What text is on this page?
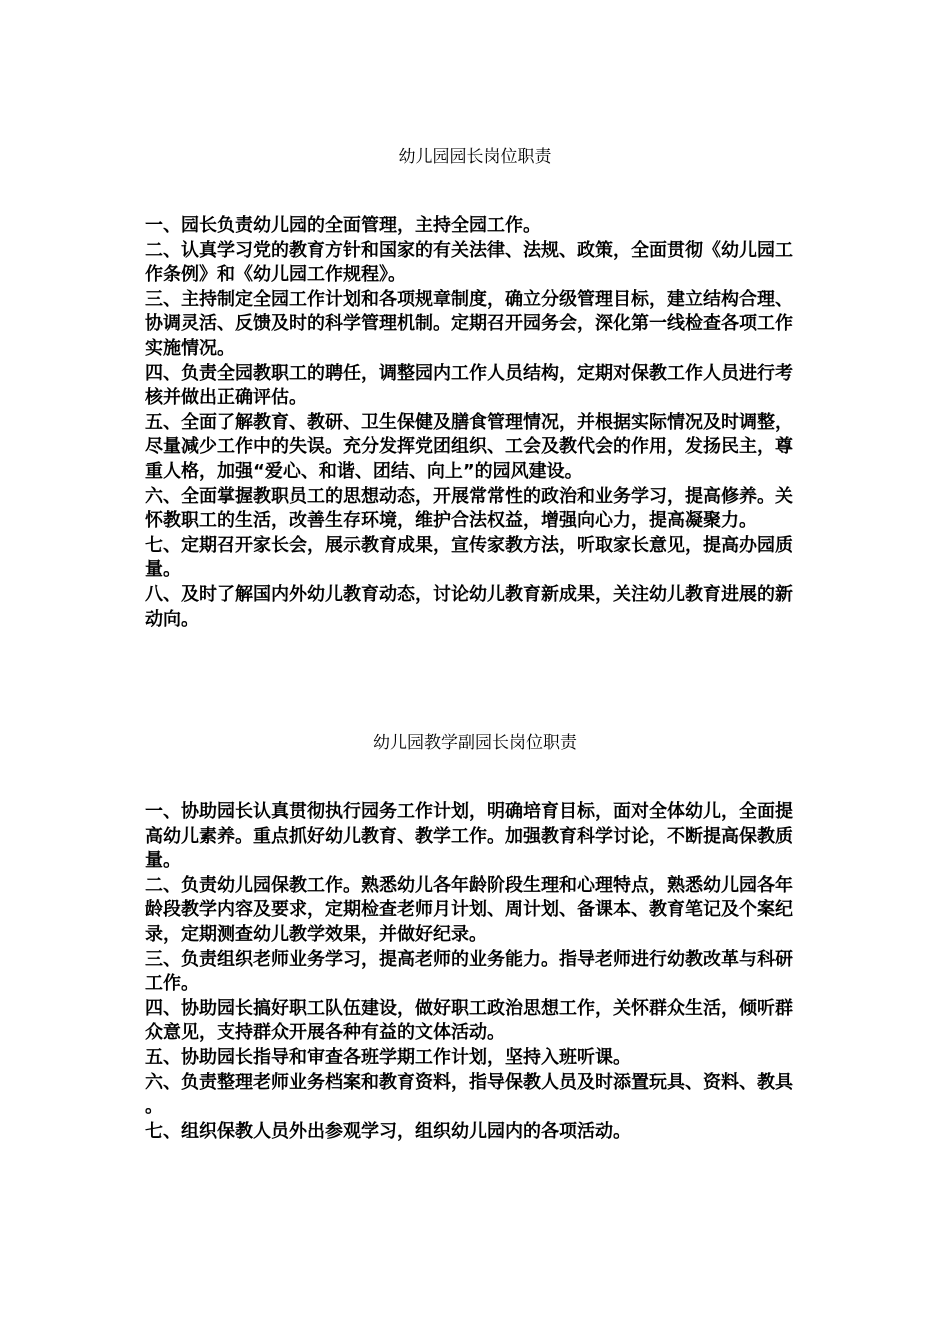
幼儿园园长岗位职责

一、园长负责幼儿园的全面管理，主持全园工作。

二、认真学习党的教育方针和国家的有关法律、法规、政策，全面贯彻《幼儿园工作条例》和《幼儿园工作规程》。

三、主持制定全园工作计划和各项规章制度，确立分级管理目标，建立结构合理、协调灵活、反馈及时的科学管理机制。定期召开园务会，深化第一线检查各项工作实施情况。

四、负责全园教职工的聘任，调整园内工作人员结构，定期对保教工作人员进行考核并做出正确评估。

五、全面了解教育、教研、卫生保健及膳食管理情况，并根据实际情况及时调整，尽量减少工作中的失误。充分发挥党团组织、工会及教代会的作用，发扬民主，尊重人格，加强“爱心、和谐、团结、向上”的园风建设。

六、全面掌握教职员工的思想动态，开展常常性的政治和业务学习，提高修养。关怀教职工的生活，改善生存环境，维护合法权益，增强向心力，提高凝聚力。

七、定期召开家长会，展示教育成果，宣传家教方法，听取家长意见，提高办园质量。

八、及时了解国内外幼儿教育动态，讨论幼儿教育新成果，关注幼儿教育进展的新动向。

幼儿园教学副园长岗位职责

一、协助园长认真贯彻执行园务工作计划，明确培育目标，面对全体幼儿，全面提高幼儿素养。重点抓好幼儿教育、教学工作。加强教育科学讨论，不断提高保教质量。

二、负责幼儿园保教工作。熟悉幼儿各年龄阶段生理和心理特点，熟悉幼儿园各年龄段教学内容及要求，定期检查老师月计划、周计划、备课本、教育笔记及个案纪录，定期测查幼儿教学效果，并做好纪录。

三、负责组织老师业务学习，提高老师的业务能力。指导老师进行幼教改革与科研工作。

四、协助园长搞好职工队伍建设，做好职工政治思想工作，关怀群众生活，倾听群众意见，支持群众开展各种有益的文体活动。

五、协助园长指导和审查各班学期工作计划，坚持入班听课。

六、负责整理老师业务档案和教育资料，指导保教人员及时添置玩具、资料、教具。

七、组织保教人员外出参观学习，组织幼儿园内的各项活动。
